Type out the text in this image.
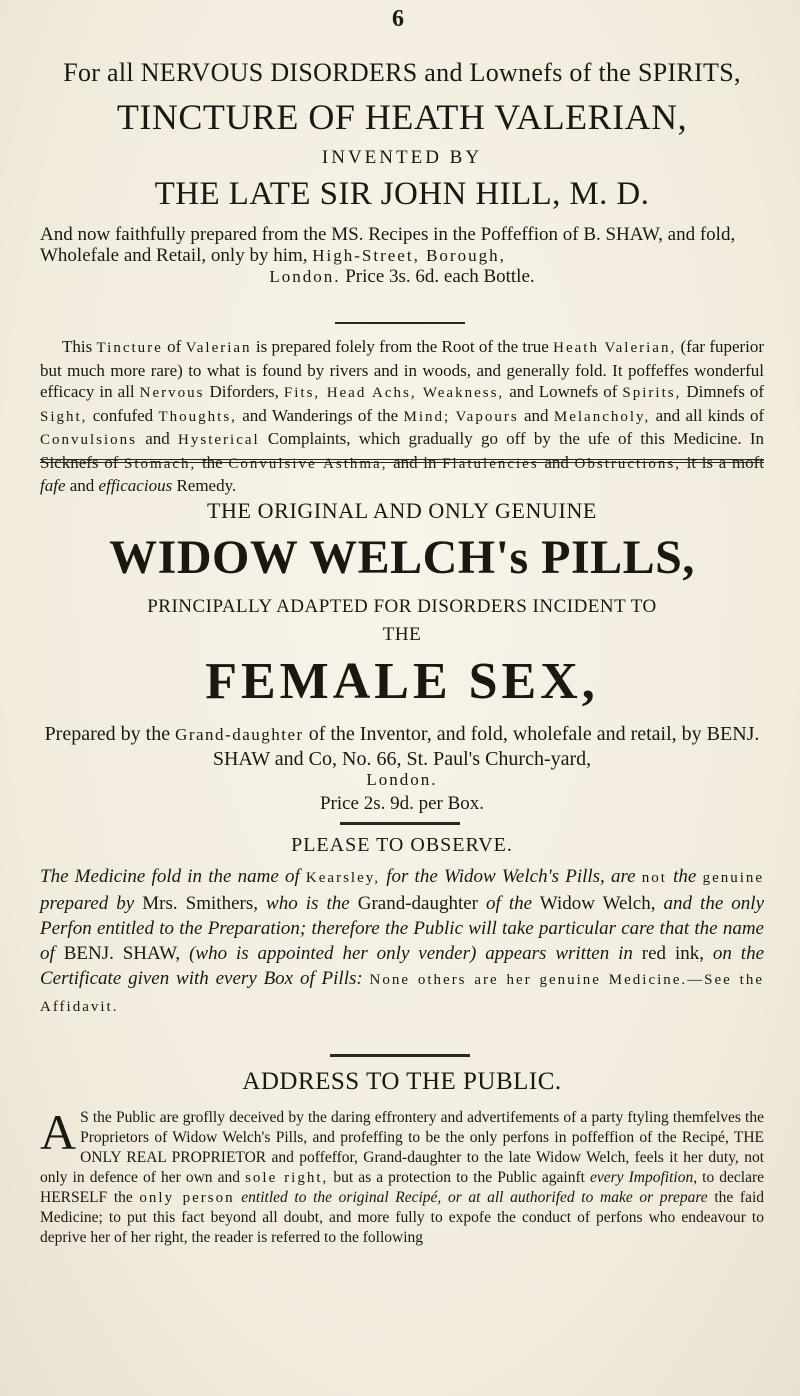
6
For all NERVOUS DISORDERS and Lownefs of the SPIRITS,
TINCTURE OF HEATH VALERIAN,
INVENTED BY
THE LATE SIR JOHN HILL, M. D.
And now faithfully prepared from the MS. Recipes in the Poffeffion of B. SHAW, and fold, Wholefale and Retail, only by him, High-Street, Borough,
London. Price 3s. 6d. each Bottle.
This Tincture of Valerian is prepared folely from the Root of the true Heath Valerian, (far fuperior but much more rare) to what is found by rivers and in woods, and generally fold. It poffeffes wonderful efficacy in all Nervous Diforders, Fits, Head Achs, Weakness, and Lownefs of Spirits, Dimnefs of Sight, confufed Thoughts, and Wanderings of the Mind; Vapours and Melancholy, and all kinds of Convulsions and Hysterical Complaints, which gradually go off by the ufe of this Medicine. In Sicknefs of Stomach, the Convulsive Asthma, and in Flatulencies and Obstructions, it is a moft fafe and efficacious Remedy.
THE ORIGINAL AND ONLY GENUINE
WIDOW WELCH's PILLS,
PRINCIPALLY ADAPTED FOR DISORDERS INCIDENT TO
THE
FEMALE SEX,
Prepared by the Grand-daughter of the Inventor, and fold, wholefale and retail, by BENJ. SHAW and Co, No. 66, St. Paul's Church-yard,
London.
Price 2s. 9d. per Box.
PLEASE TO OBSERVE.
The Medicine fold in the name of Kearsley, for the Widow Welch's Pills, are not the genuine prepared by Mrs. Smithers, who is the Grand-daughter of the Widow Welch, and the only Perfon entitled to the Preparation; therefore the Public will take particular care that the name of BENJ. SHAW, (who is appointed her only vender) appears written in red ink, on the Certificate given with every Box of Pills: None others are her genuine Medicine.—See the Affidavit.
ADDRESS TO THE PUBLIC.
A S the Public are groflly deceived by the daring effrontery and advertifements of a party ftyling themfelves the Proprietors of Widow Welch's Pills, and profeffing to be the only perfons in poffeffion of the Recipé, THE ONLY REAL PROPRIETOR and poffeffor, Grand-daughter to the late Widow Welch, feels it her duty, not only in defence of her own and sole right, but as a protection to the Public againft every Impofition, to declare HERSELF the only person entitled to the original Recipé, or at all authorifed to make or prepare the faid Medicine; to put this fact beyond all doubt, and more fully to expofe the conduct of perfons who endeavour to deprive her of her right, the reader is referred to the following
